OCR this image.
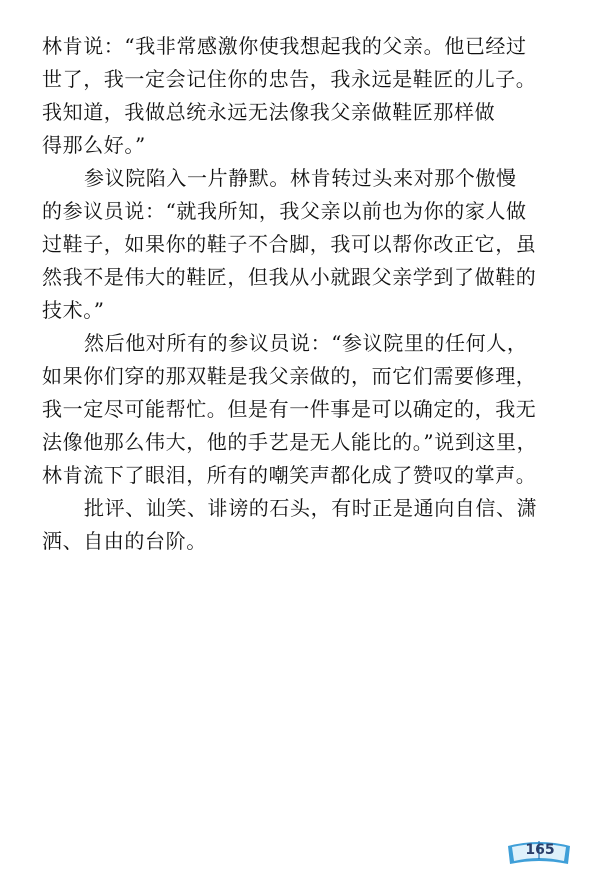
林肯说：“我非常感激你使我想起我的父亲。他已经过

世了，我一定会记住你的忠告，我永远是鞋匠的儿子。

我知道，我做总统永远无法像我父亲做鞋匠那样做

得那么好。”

参议院陷入一片静默。林肯转过头来对那个傲慢

的参议员说：“就我所知，我父亲以前也为你的家人做

过鞋子，如果你的鞋子不合脚，我可以帮你改正它，虽

然我不是伟大的鞋匠，但我从小就跟父亲学到了做鞋的

技术。”

然后他对所有的参议员说：“参议院里的任何人，

如果你们穿的那双鞋是我父亲做的，而它们需要修理，

我一定尽可能帮忙。但是有一件事是可以确定的，我无

法像他那么伟大，他的手艺是无人能比的。”说到这里，

林肯流下了眼泪，所有的嘲笑声都化成了赞叹的掌声。

批评、讪笑、诽谤的石头，有时正是通向自信、潇

洒、自由的台阶。

165
